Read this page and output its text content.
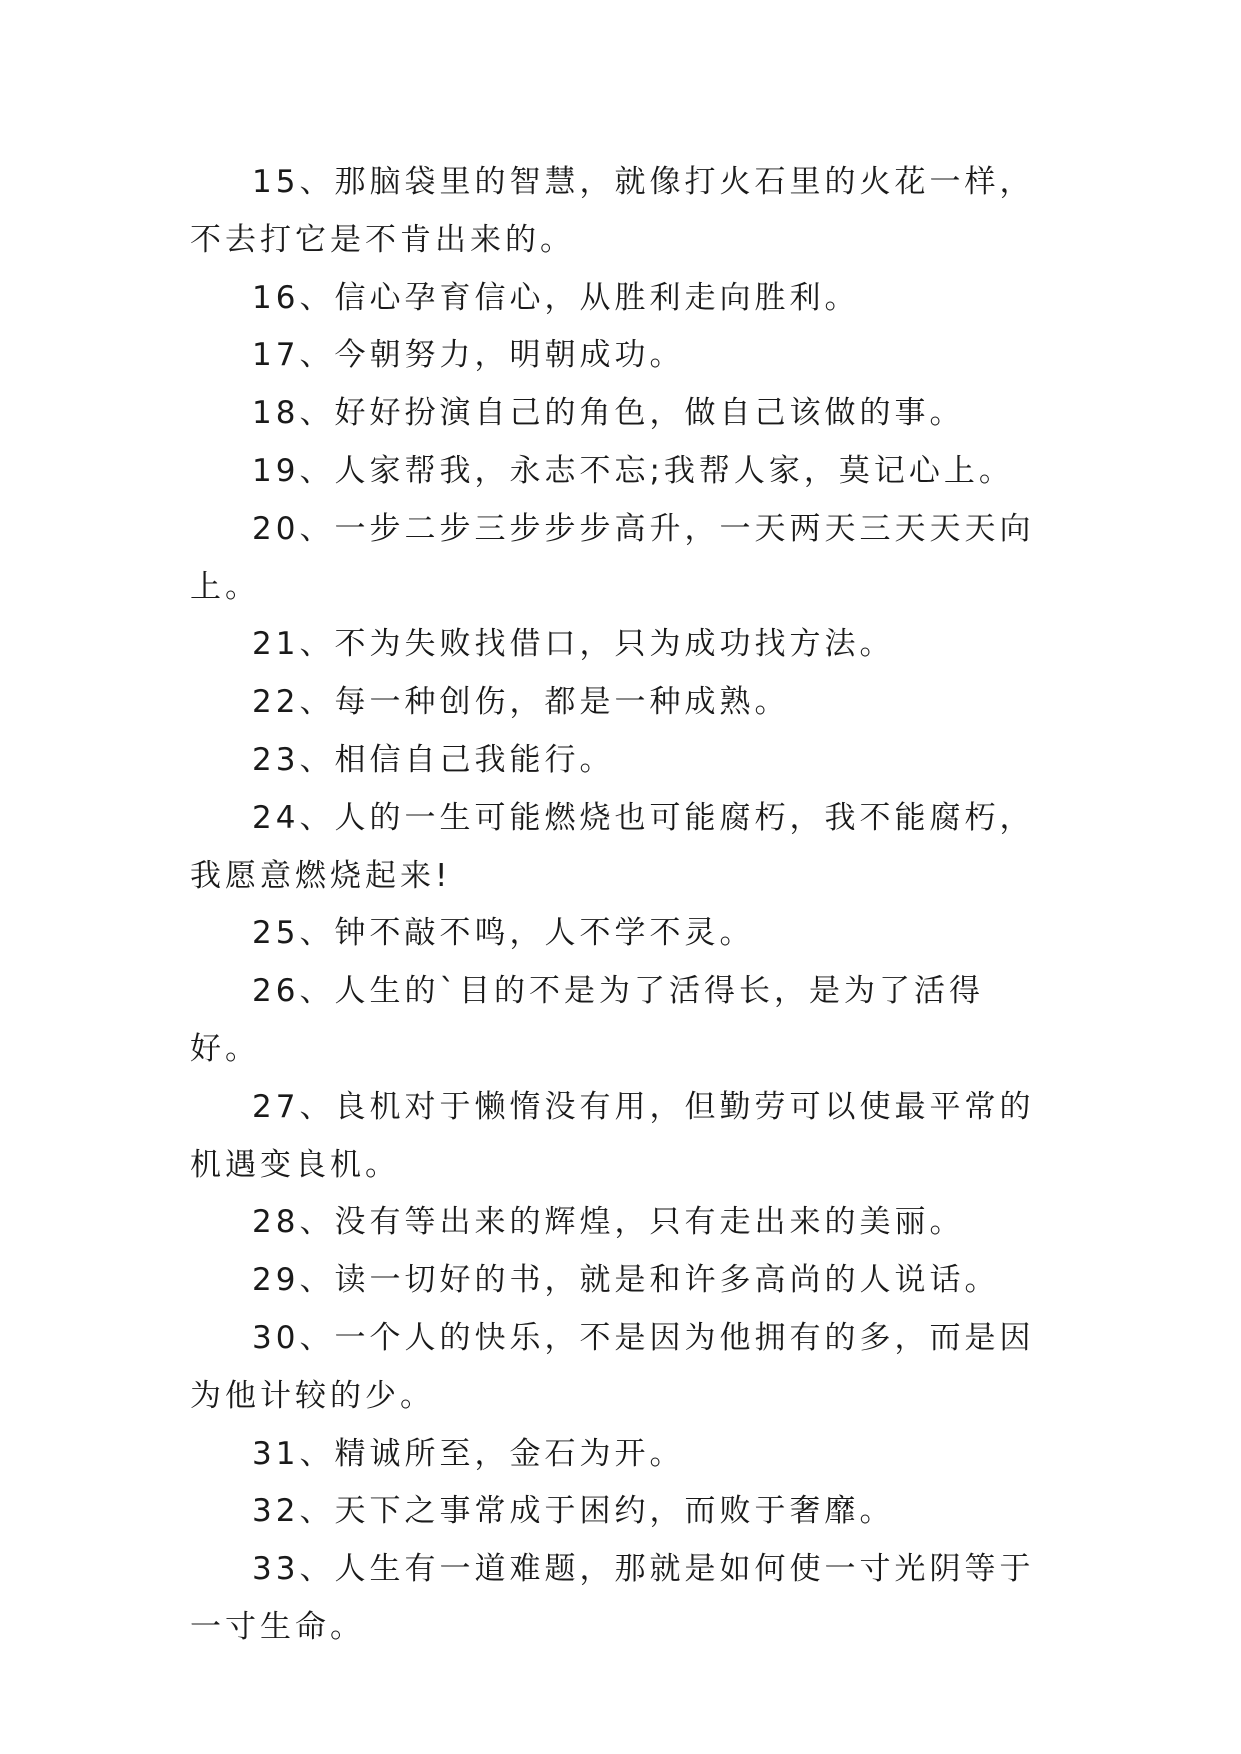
15、那脑袋里的智慧，就像打火石里的火花一样，不去打它是不肯出来的。

16、信心孕育信心，从胜利走向胜利。

17、今朝努力，明朝成功。

18、好好扮演自己的角色，做自己该做的事。

19、人家帮我，永志不忘;我帮人家，莫记心上。

20、一步二步三步步步高升，一天两天三天天天向上。

21、不为失败找借口，只为成功找方法。

22、每一种创伤，都是一种成熟。

23、相信自己我能行。

24、人的一生可能燃烧也可能腐朽，我不能腐朽，我愿意燃烧起来!

25、钟不敲不鸣，人不学不灵。

26、人生的`目的不是为了活得长，是为了活得好。

27、良机对于懒惰没有用，但勤劳可以使最平常的机遇变良机。

28、没有等出来的辉煌，只有走出来的美丽。

29、读一切好的书，就是和许多高尚的人说话。

30、一个人的快乐，不是因为他拥有的多，而是因为他计较的少。

31、精诚所至，金石为开。

32、天下之事常成于困约，而败于奢靡。

33、人生有一道难题，那就是如何使一寸光阴等于一寸生命。
